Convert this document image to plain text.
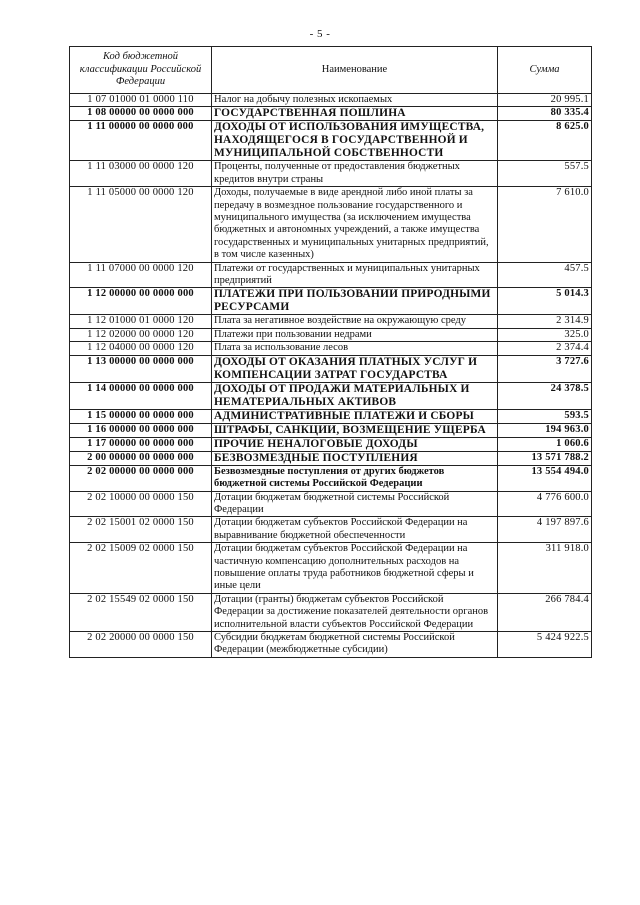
- 5 -
Код бюджетной классификации Российской Федерации	Наименование	Сумма
1 07 01000 01 0000 110	Налог на добычу полезных ископаемых	20 995.1
1 08 00000 00 0000 000	ГОСУДАРСТВЕННАЯ ПОШЛИНА	80 335.4
1 11 00000 00 0000 000	ДОХОДЫ ОТ ИСПОЛЬЗОВАНИЯ ИМУЩЕСТВА, НАХОДЯЩЕГОСЯ В ГОСУДАРСТВЕННОЙ И МУНИЦИПАЛЬНОЙ СОБСТВЕННОСТИ	8 625.0
1 11 03000 00 0000 120	Проценты, полученные от предоставления бюджетных кредитов внутри страны	557.5
1 11 05000 00 0000 120	Доходы, получаемые в виде арендной либо иной платы за передачу в возмездное пользование государственного и муниципального имущества (за исключением имущества бюджетных и автономных учреждений, а также имущества государственных и муниципальных унитарных предприятий, в том числе казенных)	7 610.0
1 11 07000 00 0000 120	Платежи от государственных и муниципальных унитарных предприятий	457.5
1 12 00000 00 0000 000	ПЛАТЕЖИ ПРИ ПОЛЬЗОВАНИИ ПРИРОДНЫМИ РЕСУРСАМИ	5 014.3
1 12 01000 01 0000 120	Плата за негативное воздействие на окружающую среду	2 314.9
1 12 02000 00 0000 120	Платежи при пользовании недрами	325.0
1 12 04000 00 0000 120	Плата за использование лесов	2 374.4
1 13 00000 00 0000 000	ДОХОДЫ ОТ ОКАЗАНИЯ ПЛАТНЫХ УСЛУГ И КОМПЕНСАЦИИ ЗАТРАТ ГОСУДАРСТВА	3 727.6
1 14 00000 00 0000 000	ДОХОДЫ ОТ ПРОДАЖИ МАТЕРИАЛЬНЫХ И НЕМАТЕРИАЛЬНЫХ АКТИВОВ	24 378.5
1 15 00000 00 0000 000	АДМИНИСТРАТИВНЫЕ ПЛАТЕЖИ И СБОРЫ	593.5
1 16 00000 00 0000 000	ШТРАФЫ, САНКЦИИ, ВОЗМЕЩЕНИЕ УЩЕРБА	194 963.0
1 17 00000 00 0000 000	ПРОЧИЕ НЕНАЛОГОВЫЕ ДОХОДЫ	1 060.6
2 00 00000 00 0000 000	БЕЗВОЗМЕЗДНЫЕ ПОСТУПЛЕНИЯ	13 571 788.2
2 02 00000 00 0000 000	Безвозмездные поступления от других бюджетов бюджетной системы Российской Федерации	13 554 494.0
2 02 10000 00 0000 150	Дотации бюджетам бюджетной системы Российской Федерации	4 776 600.0
2 02 15001 02 0000 150	Дотации бюджетам субъектов Российской Федерации на выравнивание бюджетной обеспеченности	4 197 897.6
2 02 15009 02 0000 150	Дотации бюджетам субъектов Российской Федерации на частичную компенсацию дополнительных расходов на повышение оплаты труда работников бюджетной сферы и иные цели	311 918.0
2 02 15549 02 0000 150	Дотации (гранты) бюджетам субъектов Российской Федерации за достижение показателей деятельности органов исполнительной власти субъектов Российской Федерации	266 784.4
2 02 20000 00 0000 150	Субсидии бюджетам бюджетной системы Российской Федерации (межбюджетные субсидии)	5 424 922.5
